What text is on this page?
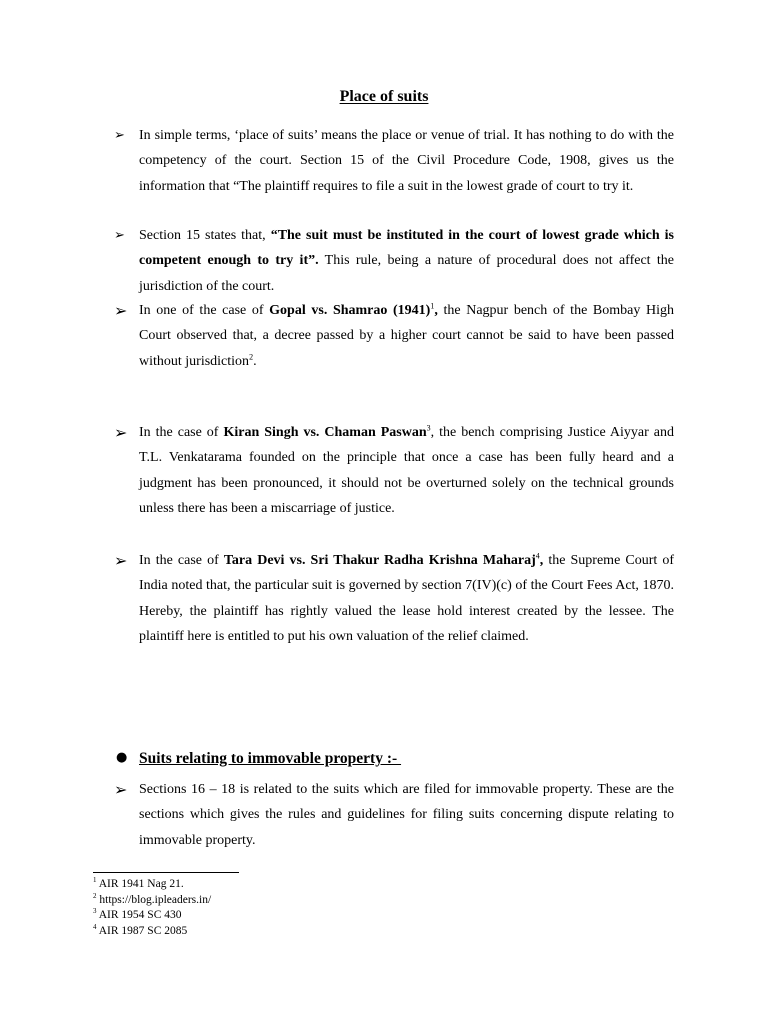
Place of suits
➢ In simple terms, ‘place of suits’ means the place or venue of trial. It has nothing to do with the competency of the court. Section 15 of the Civil Procedure Code, 1908, gives us the information that “The plaintiff requires to file a suit in the lowest grade of court to try it.
➢ Section 15 states that, “The suit must be instituted in the court of lowest grade which is competent enough to try it”. This rule, being a nature of procedural does not affect the jurisdiction of the court.
➢ In one of the case of Gopal vs. Shamrao $(1941)^1$, the Nagpur bench of the Bombay High Court observed that, a decree passed by a higher court cannot be said to have been passed without jurisdiction$^2$.
➢ In the case of Kiran Singh vs. Chaman Paswan$^3$, the bench comprising Justice Aiyyar and T.L. Venkatarama founded on the principle that once a case has been fully heard and a judgment has been pronounced, it should not be overturned solely on the technical grounds unless there has been a miscarriage of justice.
➢ In the case of Tara Devi vs. Sri Thakur Radha Krishna Maharaj$^4$, the Supreme Court of India noted that, the particular suit is governed by section 7(IV)(c) of the Court Fees Act, 1870. Hereby, the plaintiff has rightly valued the lease hold interest created by the lessee. The plaintiff here is entitled to put his own valuation of the relief claimed.
● Suits relating to immovable property :-
➢ Sections 16 – 18 is related to the suits which are filed for immovable property. These are the sections which gives the rules and guidelines for filing suits concerning dispute relating to immovable property.
$^1$ AIR 1941 Nag 21.
$^2$ https://blog.ipleaders.in/
$^3$ AIR 1954 SC 430
$^4$ AIR 1987 SC 2085
